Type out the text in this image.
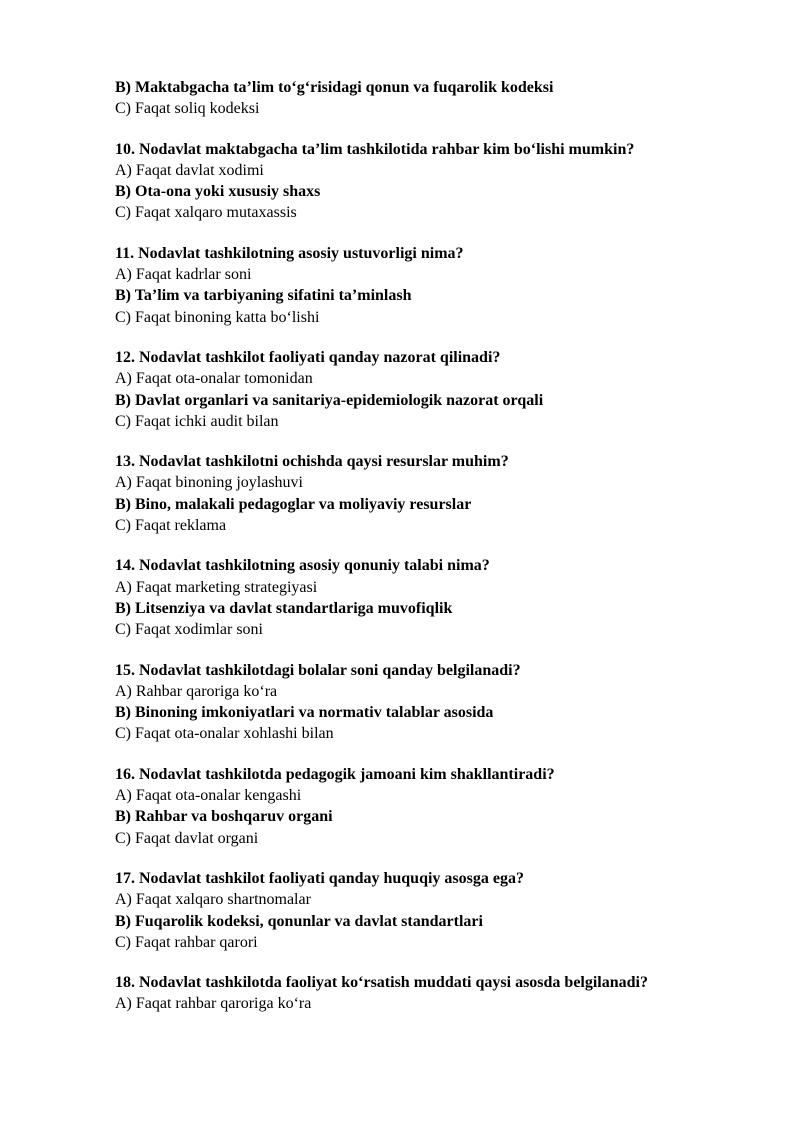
B) Maktabgacha ta’lim to‘g‘risidagi qonun va fuqarolik kodeksi
C) Faqat soliq kodeksi
10. Nodavlat maktabgacha ta’lim tashkilotida rahbar kim bo‘lishi mumkin?
A) Faqat davlat xodimi
B) Ota-ona yoki xususiy shaxs
C) Faqat xalqaro mutaxassis
11. Nodavlat tashkilotning asosiy ustuvorligi nima?
A) Faqat kadrlar soni
B) Ta’lim va tarbiyaning sifatini ta’minlash
C) Faqat binoning katta bo‘lishi
12. Nodavlat tashkilot faoliyati qanday nazorat qilinadi?
A) Faqat ota-onalar tomonidan
B) Davlat organlari va sanitariya-epidemiologik nazorat orqali
C) Faqat ichki audit bilan
13. Nodavlat tashkilotni ochishda qaysi resurslar muhim?
A) Faqat binoning joylashuvi
B) Bino, malakali pedagoglar va moliyaviy resurslar
C) Faqat reklama
14. Nodavlat tashkilotning asosiy qonuniy talabi nima?
A) Faqat marketing strategiyasi
B) Litsenziya va davlat standartlariga muvofiqlik
C) Faqat xodimlar soni
15. Nodavlat tashkilotdagi bolalar soni qanday belgilanadi?
A) Rahbar qaroriga ko‘ra
B) Binoning imkoniyatlari va normativ talablar asosida
C) Faqat ota-onalar xohlashi bilan
16. Nodavlat tashkilotda pedagogik jamoani kim shakllantiradi?
A) Faqat ota-onalar kengashi
B) Rahbar va boshqaruv organi
C) Faqat davlat organi
17. Nodavlat tashkilot faoliyati qanday huquqiy asosga ega?
A) Faqat xalqaro shartnomalar
B) Fuqarolik kodeksi, qonunlar va davlat standartlari
C) Faqat rahbar qarori
18. Nodavlat tashkilotda faoliyat ko‘rsatish muddati qaysi asosda belgilanadi?
A) Faqat rahbar qaroriga ko‘ra
